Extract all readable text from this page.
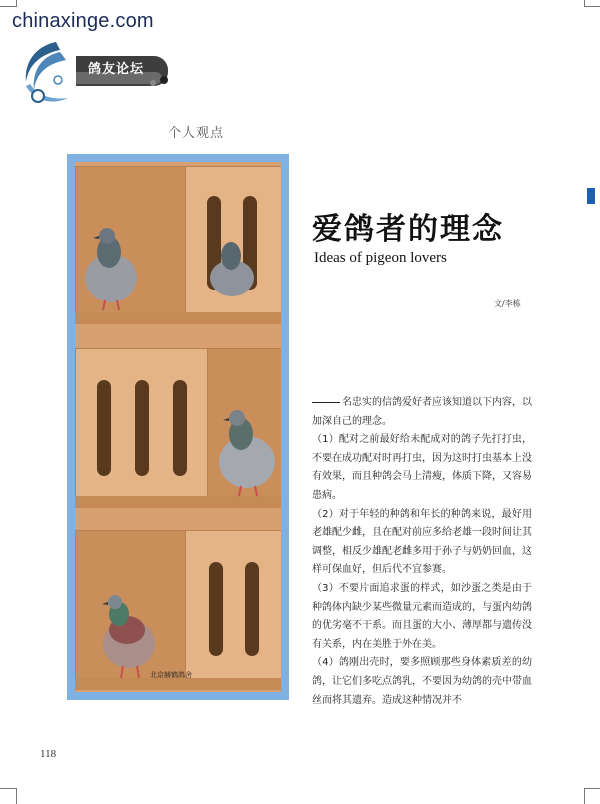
chinaxinge.com
鸽友论坛
个人观点
北京赫鹤鸽舍
爱鸽者的理念
Ideas of pigeon lovers
文/李栋

名忠实的信鸽爱好者应该知道以下内容，以加深自己的理念。

（1）配对之前最好给未配成对的鸽子先打打虫，不要在成功配对时再打虫，因为这时打虫基本上没有效果，而且种鸽会马上清瘦，体质下降，又容易患病。

（2）对于年轻的种鸽和年长的种鸽来说，最好用老雄配少雌，且在配对前应多给老雄一段时间让其调整，相反少雄配老雌多用于孙子与奶奶回血，这样可保血好，但后代不宜参赛。

（3）不要片面追求蛋的样式，如沙蛋之类是由于种鸽体内缺少某些微量元素而造成的，与蛋内幼鸽的优劣毫不干系。而且蛋的大小、薄厚都与遗传没有关系，内在美胜于外在美。

（4）鸽刚出壳时，要多照顾那些身体素质差的幼鸽，让它们多吃点鸽乳，不要因为幼鸽的壳中带血丝而将其遗弃。造成这种情况并不

118
